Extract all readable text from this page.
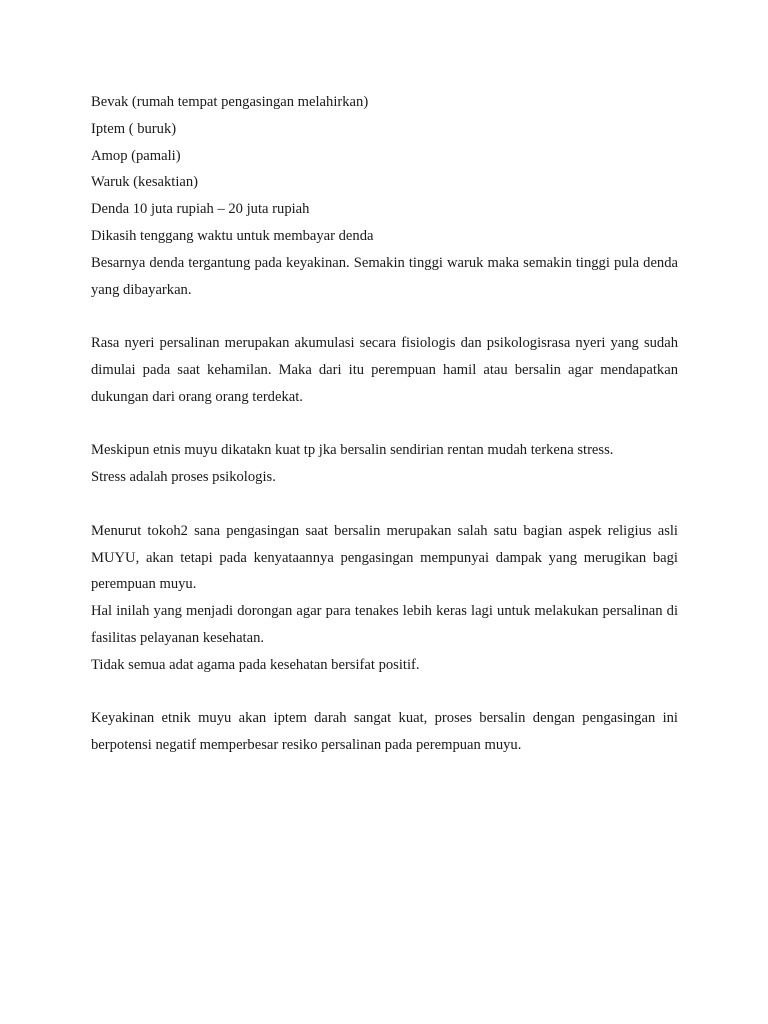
Bevak (rumah tempat pengasingan melahirkan)

Iptem ( buruk)

Amop (pamali)

Waruk (kesaktian)

Denda 10 juta rupiah – 20 juta rupiah

Dikasih tenggang waktu untuk membayar denda

Besarnya denda tergantung pada keyakinan. Semakin tinggi waruk maka semakin tinggi pula denda yang dibayarkan.

Rasa nyeri persalinan merupakan akumulasi secara fisiologis dan psikologisrasa nyeri yang sudah dimulai pada saat kehamilan. Maka dari itu perempuan hamil atau bersalin agar mendapatkan dukungan dari orang orang terdekat.

Meskipun etnis muyu dikatakn kuat tp jka bersalin sendirian rentan mudah terkena stress.

Stress adalah proses psikologis.

Menurut tokoh2 sana pengasingan saat bersalin merupakan salah satu bagian aspek religius asli MUYU, akan tetapi pada kenyataannya pengasingan mempunyai dampak yang merugikan bagi perempuan muyu.

Hal inilah yang menjadi dorongan agar para tenakes lebih keras lagi untuk melakukan persalinan di fasilitas pelayanan kesehatan.

Tidak semua adat agama pada kesehatan bersifat positif.

Keyakinan etnik muyu akan iptem darah sangat kuat, proses bersalin dengan pengasingan ini berpotensi negatif memperbesar resiko persalinan pada perempuan muyu.
